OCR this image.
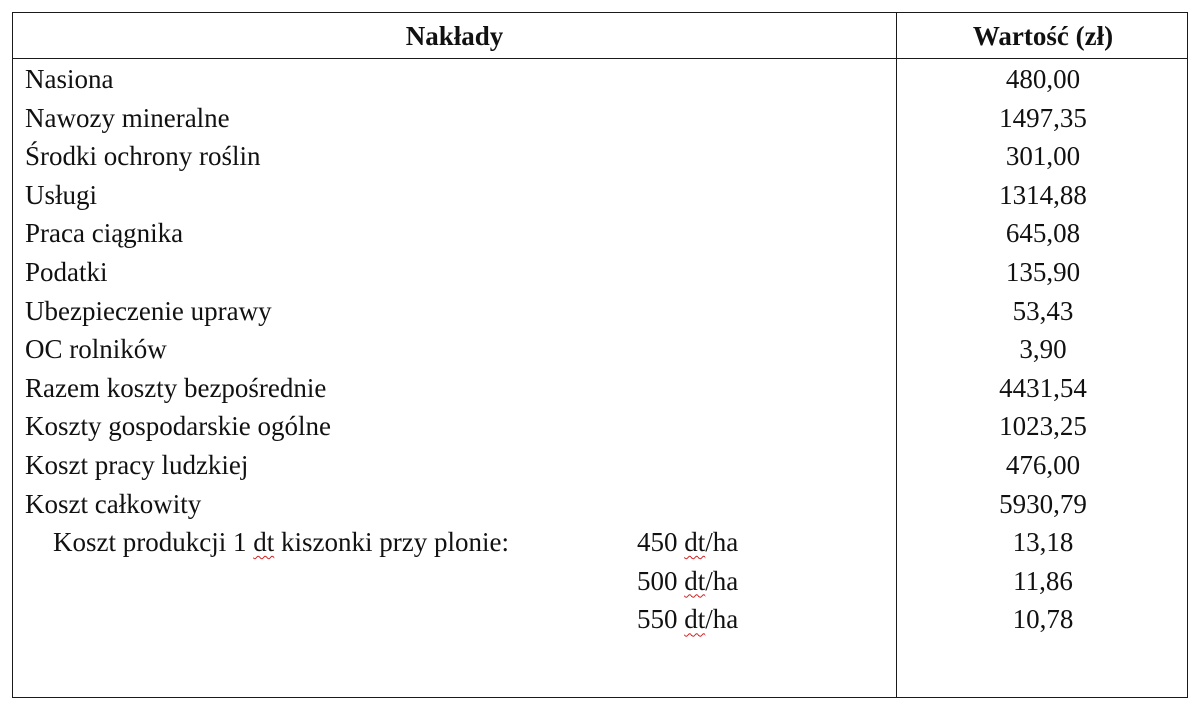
Nakłady	Wartość (zł)
Nasiona	480,00
Nawozy mineralne	1497,35
Środki ochrony roślin	301,00
Usługi	1314,88
Praca ciągnika	645,08
Podatki	135,90
Ubezpieczenie uprawy	53,43
OC rolników	3,90
Razem koszty bezpośrednie	4431,54
Koszty gospodarskie ogólne	1023,25
Koszt pracy ludzkiej	476,00
Koszt całkowity	5930,79
Koszt produkcji 1 dt kiszonki przy plonie:	450 dt/ha	13,18
500 dt/ha	11,86
550 dt/ha	10,78
